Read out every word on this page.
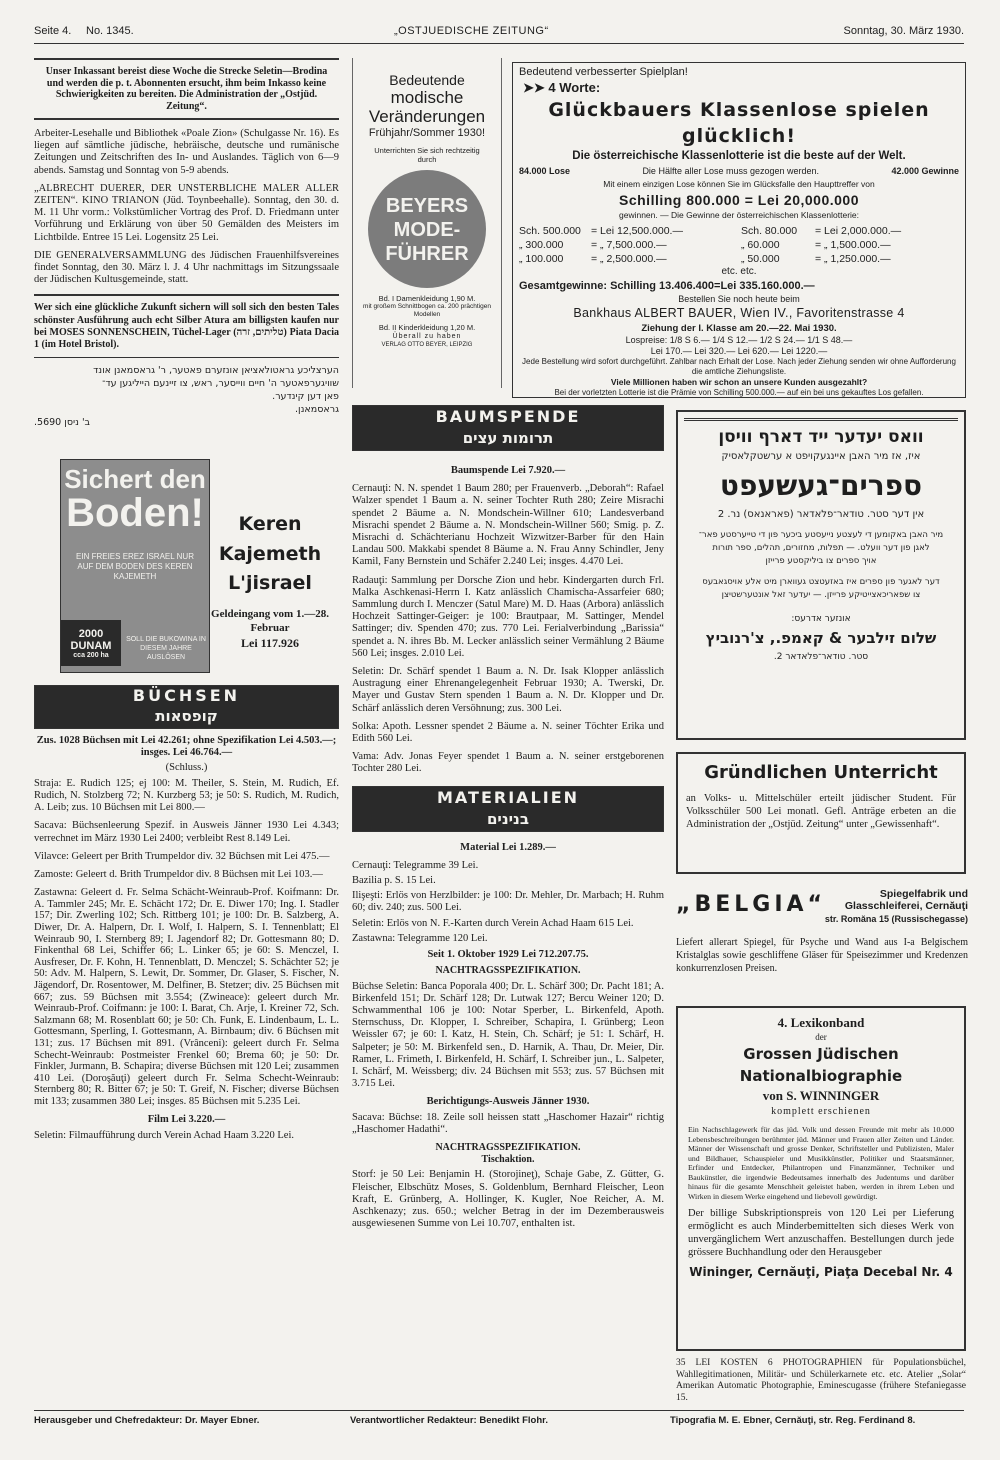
Seite 4. No. 1345.	„OSTJUEDISCHE ZEITUNG“	Sonntag, 30. März 1930.

Unser Inkassant bereist diese Woche die Strecke Seletin—Brodina und werden die p. t. Abonnenten ersucht, ihm beim Inkasso keine Schwierigkeiten zu bereiten. Die Administration der „Ostjüd. Zeitung“.

Arbeiter-Lesehalle und Bibliothek «Poale Zion» (Schulgasse Nr. 16). Es liegen auf sämtliche jüdische, hebräische, deutsche und rumänische Zeitungen und Zeitschriften des In- und Auslandes. Täglich von 6—9 abends. Samstag und Sonntag von 5-9 abends.

„ALBRECHT DUERER, DER UNSTERBLICHE MALER ALLER ZEITEN“. KINO TRIANON (Jüd. Toynbeehalle). Sonntag, den 30. d. M. 11 Uhr vorm.: Volkstümlicher Vortrag des Prof. D. Friedmann unter Vorführung und Erklärung von über 50 Gemälden des Meisters im Lichtbilde. Entree 15 Lei. Logensitz 25 Lei.

DIE GENERALVERSAMMLUNG des Jüdischen Frauenhilfsvereines findet Sonntag, den 30. März l. J. 4 Uhr nachmittags im Sitzungssaale der Jüdischen Kultusgemeinde, statt.

Wer sich eine glückliche Zukunft sichern will soll sich den besten Tales schönster Ausführung auch echt Silber Atura am billigsten kaufen nur bei MOSES SONNENSCHEIN, Tüchel-Lager (טליתים, זרה) Piata Dacia 1 (im Hotel Bristol).

הערצליכע גראטולאציאן אונזערם פאטער, ר' גראסמאנן אונד
שוויגערפאטער ה' חיים ווייסער, ראש, צו זיינעם הייליגען עד־
פאן דען קינדער.
גראסמאנן.
ב' ניסן 5690.
Sichert den
Boden!
EIN FREIES EREZ ISRAEL NUR AUF DEM BODEN DES KEREN KAJEMETH
2000 DUNAM
cca 200 ha
SOLL DIE BUKOWINA IN DIESEM JAHRE AUSLÖSEN
Keren Kajemeth
L'jisrael
Geldeingang vom 1.—28. Februar
Lei 117.926
BÜCHSEN
קופסאות

Zus. 1028 Büchsen mit Lei 42.261; ohne Spezifikation Lei 4.503.—; insges. Lei 46.764.—

(Schluss.)

Straja: E. Rudich 125; ej 100: M. Theiler, S. Stein, M. Rudich, Ef. Rudich, N. Stolzberg 72; N. Kurzberg 53; je 50: S. Rudich, M. Rudich, A. Leib; zus. 10 Büchsen mit Lei 800.—

Sacava: Büchsenleerung Spezif. in Ausweis Jänner 1930 Lei 4.343; verrechnet im März 1930 Lei 2400; verbleibt Rest 8.149 Lei.

Vilavce: Geleert per Brith Trumpeldor div. 32 Büchsen mit Lei 475.—

Zamoste: Geleert d. Brith Trumpeldor div. 8 Büchsen mit Lei 103.—

Zastawna: Geleert d. Fr. Selma Schächt-Weinraub-Prof. Koifmann: Dr. A. Tammler 245; Mr. E. Schächt 172; Dr. E. Diwer 170; Ing. I. Stadler 157; Dir. Zwerling 102; Sch. Rittberg 101; je 100: Dr. B. Salzberg, A. Diwer, Dr. A. Halpern, Dr. I. Wolf, I. Halpern, S. I. Tennenblatt; El Weinraub 90, I. Sternberg 89; I. Jagendorf 82; Dr. Gottesmann 80; D. Finkenthal 68 Lei, Schiffer 66; L. Linker 65; je 60: S. Menczel, I. Ausfreser, Dr. F. Kohn, H. Tennenblatt, D. Menczel; S. Schächter 52; je 50: Adv. M. Halpern, S. Lewit, Dr. Sommer, Dr. Glaser, S. Fischer, N. Jägendorf, Dr. Rosentower, M. Delfiner, B. Stetzer; div. 25 Büchsen mit 667; zus. 59 Büchsen mit 3.554; (Zwineace): geleert durch Mr. Weinraub-Prof. Coifmann: je 100: I. Barat, Ch. Arje, I. Kreiner 72, Sch. Salzmann 68; M. Rosenblatt 60; je 50: Ch. Funk, E. Lindenbaum, L. L. Gottesmann, Sperling, I. Gottesmann, A. Birnbaum; div. 6 Büchsen mit 131; zus. 17 Büchsen mit 891. (Vrânceni): geleert durch Fr. Selma Schecht-Weinraub: Postmeister Frenkel 60; Brema 60; je 50: Dr. Finkler, Jurmann, B. Schapira; diverse Büchsen mit 120 Lei; zusammen 410 Lei. (Doroşăuţi) geleert durch Fr. Selma Schecht-Weinraub: Sternberg 80; R. Bitter 67; je 50: T. Greif, N. Fischer; diverse Büchsen mit 133; zusammen 380 Lei; insges. 85 Büchsen mit 5.235 Lei.

Film Lei 3.220.—

Seletin: Filmaufführung durch Verein Achad Haam 3.220 Lei.

Bedeutende
modische
Veränderungen
Frühjahr/Sommer 1930!
Unterrichten Sie sich rechtzeitig durch
BEYERS
MODE-
FÜHRER
Bd. I Damenkleidung 1,90 M.
mit großem Schnittbogen ca. 200 prächtigen Modellen
Bd. II Kinderkleidung 1,20 M.
Überall zu haben
VERLAG OTTO BEYER, LEIPZIG
BAUMSPENDE
תרומות עצים

Baumspende Lei 7.920.—

Cernauţi: N. N. spendet 1 Baum 280; per Frauenverb. „Deborah“: Rafael Walzer spendet 1 Baum a. N. seiner Tochter Ruth 280; Zeire Misrachi spendet 2 Bäume a. N. Mondschein-Willner 610; Landesverband Misrachi spendet 2 Bäume a. N. Mondschein-Willner 560; Smig. p. Z. Misrachi d. Schächterianu Hochzeit Wizwitzer-Barber für den Hain Landau 500. Makkabi spendet 8 Bäume a. N. Frau Anny Schindler, Jeny Kamil, Fany Bernstein und Schäfer 2.240 Lei; insges. 4.470 Lei.

Radauţi: Sammlung per Dorsche Zion und hebr. Kindergarten durch Frl. Malka Aschkenasi-Herrn I. Katz anlässlich Chamischa-Assarfeier 680; Sammlung durch I. Menczer (Satul Mare) M. D. Haas (Arbora) anlässlich Hochzeit Sattinger-Geiger: je 100: Brautpaar, M. Sattinger, Mendel Sattinger; div. Spenden 470; zus. 770 Lei. Ferialverbindung „Barissia“ spendet a. N. ihres Bb. M. Lecker anlässlich seiner Vermählung 2 Bäume 560 Lei; insges. 2.010 Lei.

Seletin: Dr. Schärf spendet 1 Baum a. N. Dr. Isak Klopper anlässlich Austragung einer Ehrenangelegenheit Februar 1930; A. Twerski, Dr. Mayer und Gustav Stern spenden 1 Baum a. N. Dr. Klopper und Dr. Schärf anlässlich deren Versöhnung; zus. 300 Lei.

Solka: Apoth. Lessner spendet 2 Bäume a. N. seiner Töchter Erika und Edith 560 Lei.

Vama: Adv. Jonas Feyer spendet 1 Baum a. N. seiner erstgeborenen Tochter 280 Lei.

MATERIALIEN
בנינים

Material Lei 1.289.—

Cernauţi: Telegramme 39 Lei.

Bazilia p. S. 15 Lei.

Ilişeşti: Erlös von Herzlbilder: je 100: Dr. Mehler, Dr. Marbach; H. Ruhm 60; div. 240; zus. 500 Lei.

Seletin: Erlös von N. F.-Karten durch Verein Achad Haam 615 Lei.

Zastawna: Telegramme 120 Lei.

Seit 1. Oktober 1929 Lei 712.207.75.

NACHTRAGSSPEZIFIKATION.

Büchse Seletin: Banca Poporala 400; Dr. L. Schärf 300; Dr. Pacht 181; A. Birkenfeld 151; Dr. Schärf 128; Dr. Lutwak 127; Bercu Weiner 120; D. Schwammenthal 106 je 100: Notar Sperber, L. Birkenfeld, Apoth. Sternschuss, Dr. Klopper, I. Schreiber, Schapira, I. Grünberg; Leon Weissler 67; je 60: I. Katz, H. Stein, Ch. Schärf; je 51: I. Schärf, H. Salpeter; je 50: M. Birkenfeld sen., D. Harnik, A. Thau, Dr. Meier, Dir. Ramer, L. Frimeth, I. Birkenfeld, H. Schärf, I. Schreiber jun., L. Salpeter, I. Schärf, M. Weissberg; div. 24 Büchsen mit 553; zus. 57 Büchsen mit 3.715 Lei.

Berichtigungs-Ausweis Jänner 1930.

Sacava: Büchse: 18. Zeile soll heissen statt „Haschomer Hazair“ richtig „Haschomer Hadathi“.

NACHTRAGSSPEZIFIKATION.

Tischaktion.

Storf: je 50 Lei: Benjamin H. (Storojineţ), Schaje Gabe, Z. Gütter, G. Fleischer, Elbschütz Moses, S. Goldenblum, Bernhard Fleischer, Leon Kraft, E. Grünberg, A. Hollinger, K. Kugler, Noe Reicher, A. M. Aschkenazy; zus. 650.; welcher Betrag in der im Dezemberausweis ausgewiesenen Summe von Lei 10.707, enthalten ist.

Bedeutend verbesserter Spielplan!
➤➤ 4 Worte:
Glückbauers Klassenlose spielen glücklich!
Die österreichische Klassenlotterie ist die beste auf der Welt.
84.000 Lose	Die Hälfte aller Lose muss gezogen werden.	42.000 Gewinne
Mit einem einzigen Lose können Sie im Glücksfalle den Haupttreffer von
Schilling 800.000 = Lei 20,000.000
gewinnen. — Die Gewinne der österreichischen Klassenlotterie:
Sch. 500.000 = Lei 12,500.000.—	Sch. 80.000	= Lei 2,000.000.—
„ 300.000	= „ 7,500.000.—	„ 60.000	= „ 1,500.000.—
„ 100.000	= „ 2,500.000.—	„ 50.000	= „ 1,250.000.—
etc. etc.
Gesamtgewinne: Schilling 13.406.400=Lei 335.160.000.—
Bestellen Sie noch heute beim
Bankhaus ALBERT BAUER, Wien IV., Favoritenstrasse 4
Ziehung der I. Klasse am 20.—22. Mai 1930.
Lospreise: 1/8 S 6.— 1/4 S 12.— 1/2 S 24.— 1/1 S 48.—
Lei 170.— Lei 320.— Lei 620.— Lei 1220.—
Jede Bestellung wird sofort durchgeführt. Zahlbar nach Erhalt der Lose. Nach jeder Ziehung senden wir ohne Aufforderung die amtliche Ziehungsliste.
Viele Millionen haben wir schon an unsere Kunden ausgezahlt?
Bei der vorletzten Lotterie ist die Prämie von Schilling 500.000.— auf ein bei uns gekauftes Los gefallen.
וואס יעדער ייד דארף וויסן
איז, אז מיר האבן איינגעקויפט א ערשטקלאסיק
ספרים־געשעפט
אין דער סטר. טודאר־פלאדאר (פאראנאס) נר. 2
מיר האבן באקומען די לעצטע נייעסטע ביכער פון די טייערסטע פאר־
לאגן פון דער וועלט. — תפלות, מחזורים, תהלים, ספר תורות
אויך ספרים צו ביליקסטע פרייזן
דער לאגער פון ספרים איז באזעטצט געווארן מיט אלע אויסגאבעס
צו שפאריכאצייטיקע פרייזן. — יעדער זאל אונטערשטיצן
אונזער אדרעס:
שלום זילבער & קאמפ., צ'רנוביץ
סטר. טודאר־פלאדאר 2.
Gründlichen Unterricht
an Volks- u. Mittelschüler erteilt jüdischer Student. Für Volksschüler 500 Lei monatl. Gefl. Anträge erbeten an die Administration der „Ostjüd. Zeitung“ unter „Gewissenhaft“.
„BELGIA“	Spiegelfabrik und Glasschleiferei, Cernăuţi
str. Romăna 15 (Russischegasse)
Liefert allerart Spiegel, für Psyche und Wand aus I-a Belgischem Kristalglas sowie geschliffene Gläser für Speisezimmer und Kredenzen konkurrenzlosen Preisen.
4. Lexikonband
der
Grossen Jüdischen Nationalbiographie
von S. WINNINGER
komplett erschienen
Ein Nachschlagewerk für das jüd. Volk und dessen Freunde mit mehr als 10.000 Lebensbeschreibungen berühmter jüd. Männer und Frauen aller Zeiten und Länder. Männer der Wissenschaft und grosse Denker, Schriftsteller und Publizisten, Maler und Bildhauer, Schauspieler und Musikkünstler, Politiker und Staatsmänner, Erfinder und Entdecker, Philantropen und Finanzmänner, Techniker und Baukünstler, die irgendwie Bedeutsames innerhalb des Judentums und darüber hinaus für die gesamte Menschheit geleistet haben, werden in ihrem Leben und Wirken in diesem Werke eingehend und liebevoll gewürdigt.
Der billige Subskriptionspreis von 120 Lei per Lieferung ermöglicht es auch Minderbemittelten sich dieses Werk von unvergänglichem Wert anzuschaffen. Bestellungen durch jede grössere Buchhandlung oder den Herausgeber
Wininger, Cernăuţi, Piaţa Decebal Nr. 4
35 LEI KOSTEN 6 PHOTOGRAPHIEN für Populationsbüchel, Wahllegitimationen, Militär- und Schülerkarnete etc. etc. Atelier „Solar“ Amerikan Automatic Photographie, Eminescugasse (frühere Stefaniegasse 15.
Herausgeber und Chefredakteur: Dr. Mayer Ebner.	Verantwortlicher Redakteur: Benedikt Flohr.	Tipografia M. E. Ebner, Cernăuţi, str. Reg. Ferdinand 8.
